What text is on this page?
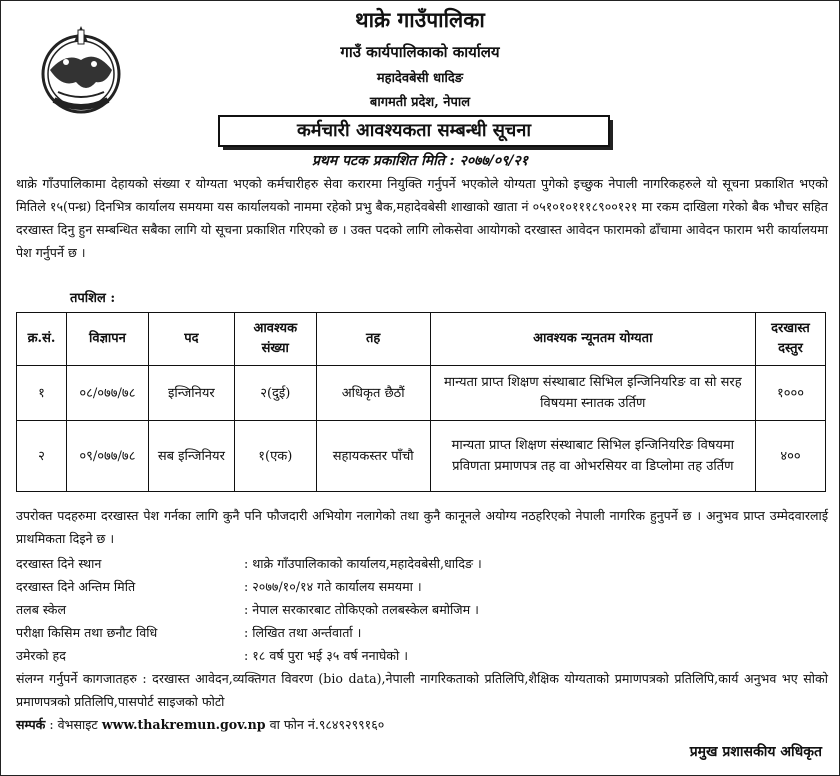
थाक्रे गाउँपालिका
गाउँ कार्यपालिकाको कार्यालय
महादेवबेसी धादिङ
बागमती प्रदेश, नेपाल
कर्मचारी आवश्यकता सम्बन्धी सूचना
प्रथम पटक प्रकाशित मिति : २०७७/०९/२१

थाक्रे गाँउपालिकामा देहायको संख्या र योग्यता भएको कर्मचारीहरु सेवा करारमा नियुक्ति गर्नुपर्ने भएकोले योग्यता पुगेको इच्छुक नेपाली नागरिकहरुले यो सूचना प्रकाशित भएको मितिले १५(पन्ध्र) दिनभित्र कार्यालय समयमा यस कार्यालयको नाममा रहेको प्रभु बैक,महादेवबेसी शाखाको खाता नं ०५१०१०१११८९००१२१ मा रकम दाखिला गरेको बैक भौचर सहित दरखास्त दिनु हुन सम्बन्धित सबैका लागि यो सूचना प्रकाशित गरिएको छ । उक्त पदको लागि लोकसेवा आयोगको दरखास्त आवेदन फारामको ढाँचामा आवेदन फाराम भरी कार्यालयमा पेश गर्नुपर्ने छ ।

तपशिल :
क्र.सं.	विज्ञापन	पद	आवश्यक संख्या	तह	आवश्यक न्यूनतम योग्यता	दरखास्त दस्तुर
१	०८/०७७/७८	इन्जिनियर	२(दुई)	अधिकृत छैठौं	मान्यता प्राप्त शिक्षण संस्थाबाट सिभिल इन्जिनियरिङ वा सो सरह विषयमा स्नातक उर्तिण	१०००
२	०९/०७७/७८	सब इन्जिनियर	१(एक)	सहायकस्तर पाँचौ	मान्यता प्राप्त शिक्षण संस्थाबाट सिभिल इन्जिनियरिङ विषयमा प्रविणता प्रमाणपत्र तह वा ओभरसियर वा डिप्लोमा तह उर्तिण	४००

उपरोक्त पदहरुमा दरखास्त पेश गर्नका लागि कुनै पनि फौजदारी अभियोग नलागेको तथा कुनै कानूनले अयोग्य नठहरिएको नेपाली नागरिक हुनुपर्ने छ । अनुभव प्राप्त उम्मेदवारलाई प्राथमिकता दिइने छ ।

दरखास्त दिने स्थान	: थाक्रे गाँउपालिकाको कार्यालय,महादेवबेसी,धादिङ ।
दरखास्त दिने अन्तिम मिति	: २०७७/१०/१४ गते कार्यालय समयमा ।
तलब स्केल	: नेपाल सरकारबाट तोकिएको तलबस्केल बमोजिम ।
परीक्षा किसिम तथा छनौट विधि	: लिखित तथा अर्न्तवार्ता ।
उमेरको हद	: १८ वर्ष पुरा भई ३५ वर्ष ननाघेको ।

संलग्न गर्नुपर्ने कागजातहरु : दरखास्त आवेदन,व्यक्तिगत विवरण (bio data),नेपाली नागरिकताको प्रतिलिपि,शैक्षिक योग्यताको प्रमाणपत्रको प्रतिलिपि,कार्य अनुभव भए सोको प्रमाणपत्रको प्रतिलिपि,पासपोर्ट साइजको फोटो

सम्पर्क : वेभसाइट www.thakremun.gov.np वा फोन नं.९८४९२९९१६०
प्रमुख प्रशासकीय अधिकृत
